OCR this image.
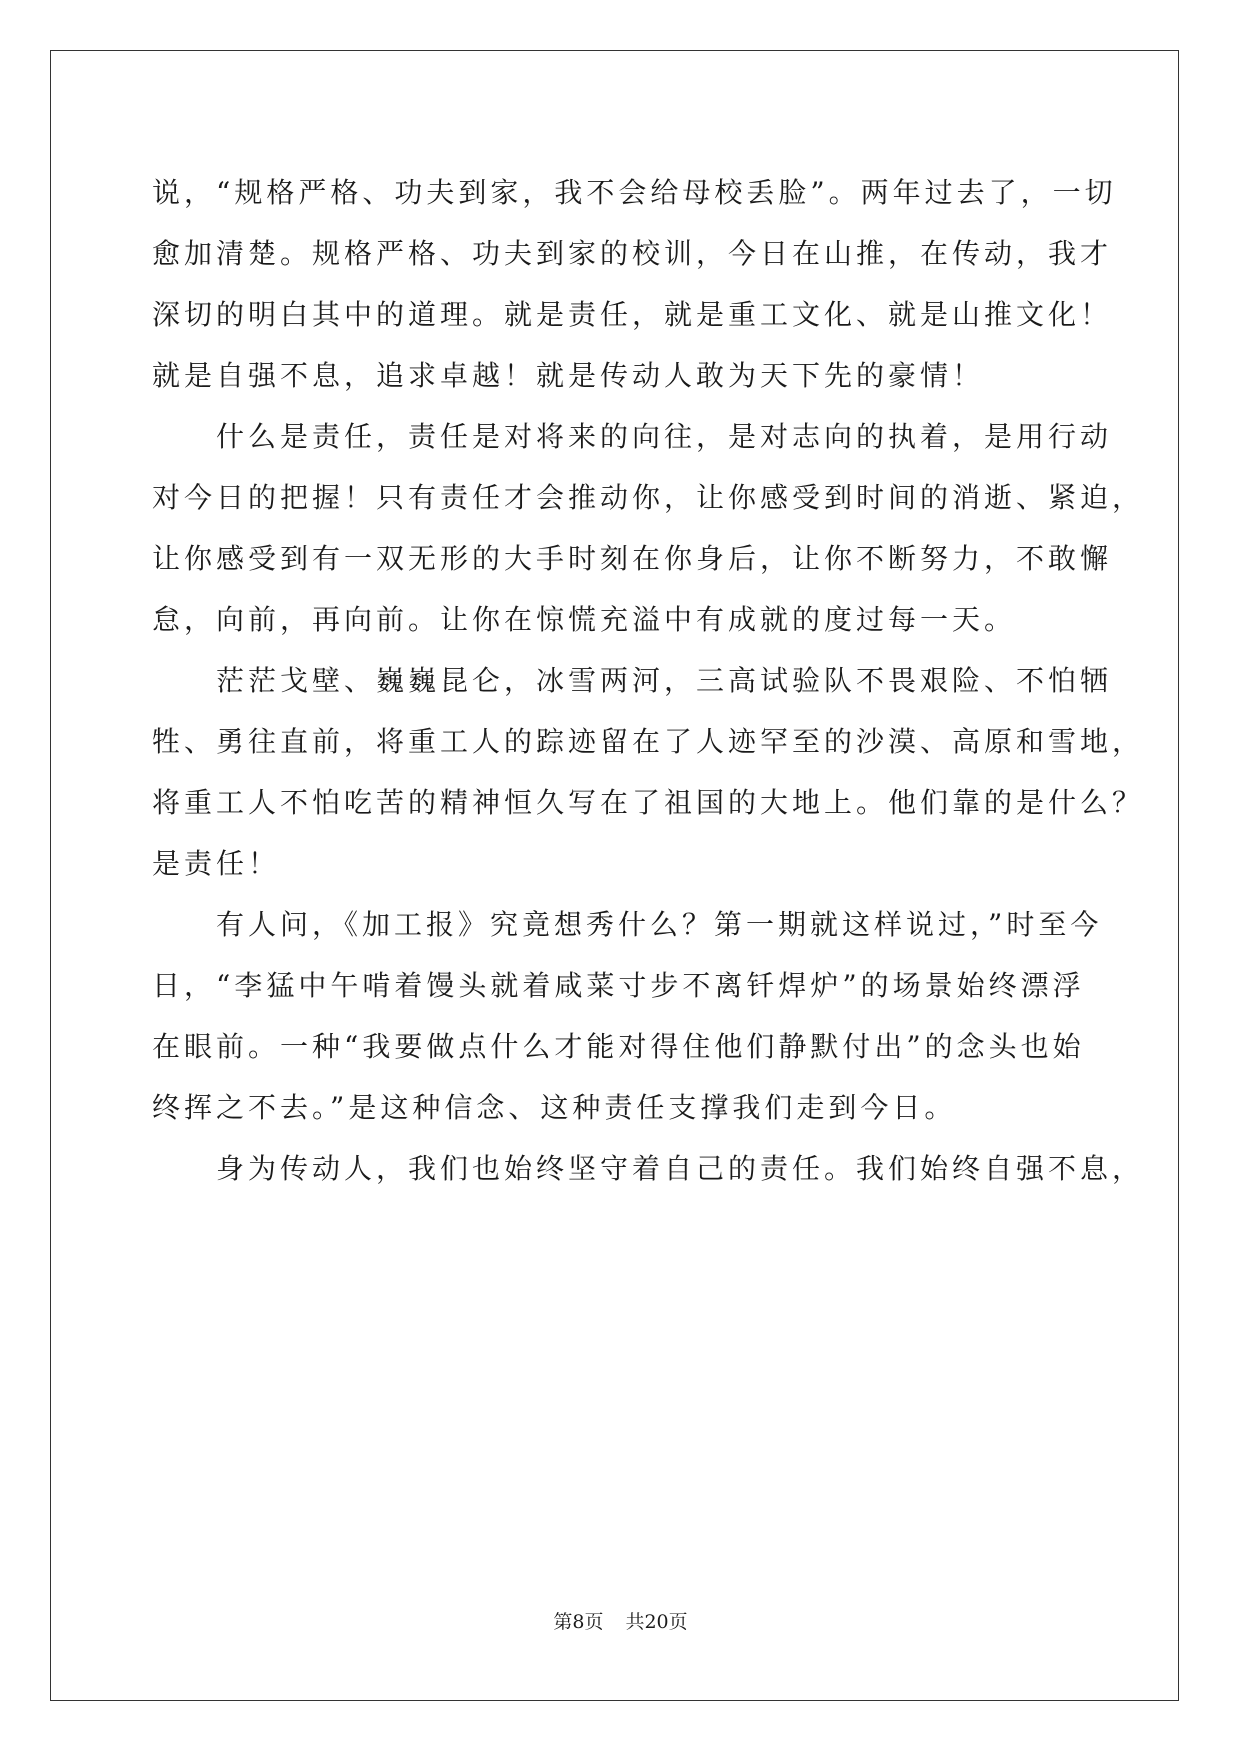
说，“规格严格、功夫到家，我不会给母校丢脸”。两年过去了，一切
愈加清楚。规格严格、功夫到家的校训，今日在山推，在传动，我才
深切的明白其中的道理。就是责任，就是重工文化、就是山推文化！
就是自强不息，追求卓越！就是传动人敢为天下先的豪情！
什么是责任，责任是对将来的向往，是对志向的执着，是用行动
对今日的把握！只有责任才会推动你，让你感受到时间的消逝、紧迫，
让你感受到有一双无形的大手时刻在你身后，让你不断努力，不敢懈
怠，向前，再向前。让你在惊慌充溢中有成就的度过每一天。
茫茫戈壁、巍巍昆仑，冰雪两河，三高试验队不畏艰险、不怕牺
牲、勇往直前，将重工人的踪迹留在了人迹罕至的沙漠、高原和雪地，
将重工人不怕吃苦的精神恒久写在了祖国的大地上。他们靠的是什么？
是责任！
有人问，《加工报》究竟想秀什么？第一期就这样说过，”时至今
日，“李猛中午啃着馒头就着咸菜寸步不离钎焊炉”的场景始终漂浮
在眼前。一种“我要做点什么才能对得住他们静默付出”的念头也始
终挥之不去。”是这种信念、这种责任支撑我们走到今日。
身为传动人，我们也始终坚守着自己的责任。我们始终自强不息，
第8页 共20页
